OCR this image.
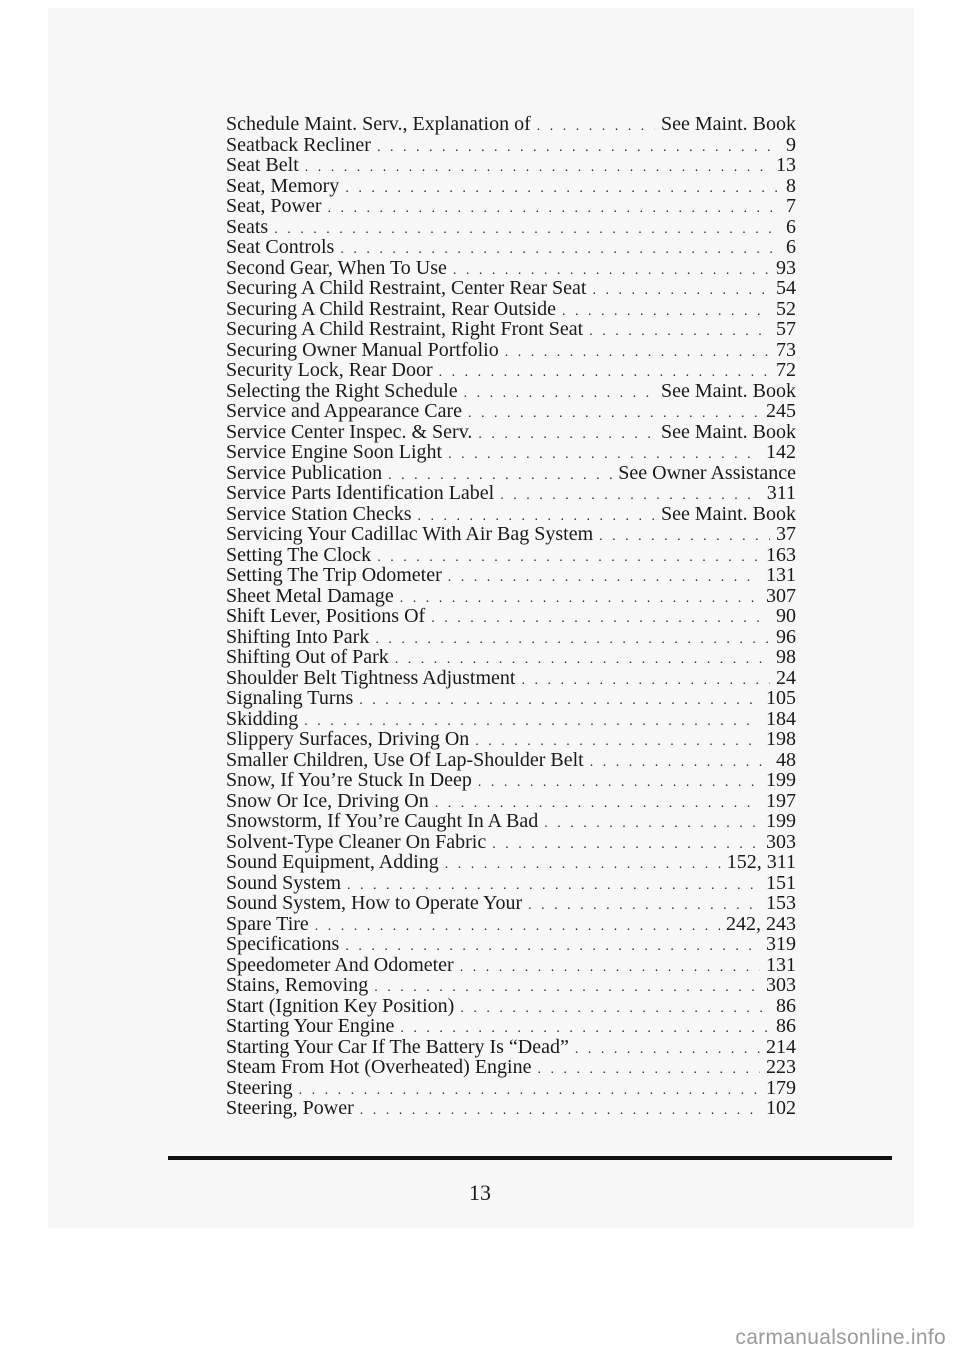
Schedule Maint. Serv., Explanation of . . .	See Maint. Book
Seatback Recliner . . .	9
Seat Belt . . .	13
Seat, Memory . . .	8
Seat, Power . . .	7
Seats . . .	6
Seat Controls . . .	6
Second Gear, When To Use . . .	93
Securing A Child Restraint, Center Rear Seat . . .	54
Securing A Child Restraint, Rear Outside . . .	52
Securing A Child Restraint, Right Front Seat . . .	57
Securing Owner Manual Portfolio . . .	73
Security Lock, Rear Door . . .	72
Selecting the Right Schedule . . .	See Maint. Book
Service and Appearance Care . . .	245
Service Center Inspec. & Serv. . . .	See Maint. Book
Service Engine Soon Light . . .	142
Service Publication . . .	See Owner Assistance
Service Parts Identification Label . . .	311
Service Station Checks . . .	See Maint. Book
Servicing Your Cadillac With Air Bag System . . .	37
Setting The Clock . . .	163
Setting The Trip Odometer . . .	131
Sheet Metal Damage . . .	307
Shift Lever, Positions Of . . .	90
Shifting Into Park . . .	96
Shifting Out of Park . . .	98
Shoulder Belt Tightness Adjustment . . .	24
Signaling Turns . . .	105
Skidding . . .	184
Slippery Surfaces, Driving On . . .	198
Smaller Children, Use Of Lap-Shoulder Belt . . .	48
Snow, If You’re Stuck In Deep . . .	199
Snow Or Ice, Driving On . . .	197
Snowstorm, If You’re Caught In A Bad . . .	199
Solvent-Type Cleaner On Fabric . . .	303
Sound Equipment, Adding . . .	152, 311
Sound System . . .	151
Sound System, How to Operate Your . . .	153
Spare Tire . . .	242, 243
Specifications . . .	319
Speedometer And Odometer . . .	131
Stains, Removing . . .	303
Start (Ignition Key Position) . . .	86
Starting Your Engine . . .	86
Starting Your Car If The Battery Is “Dead” . . .	214
Steam From Hot (Overheated) Engine . . .	223
Steering . . .	179
Steering, Power . . .	102
13
carmanualsonline.info
